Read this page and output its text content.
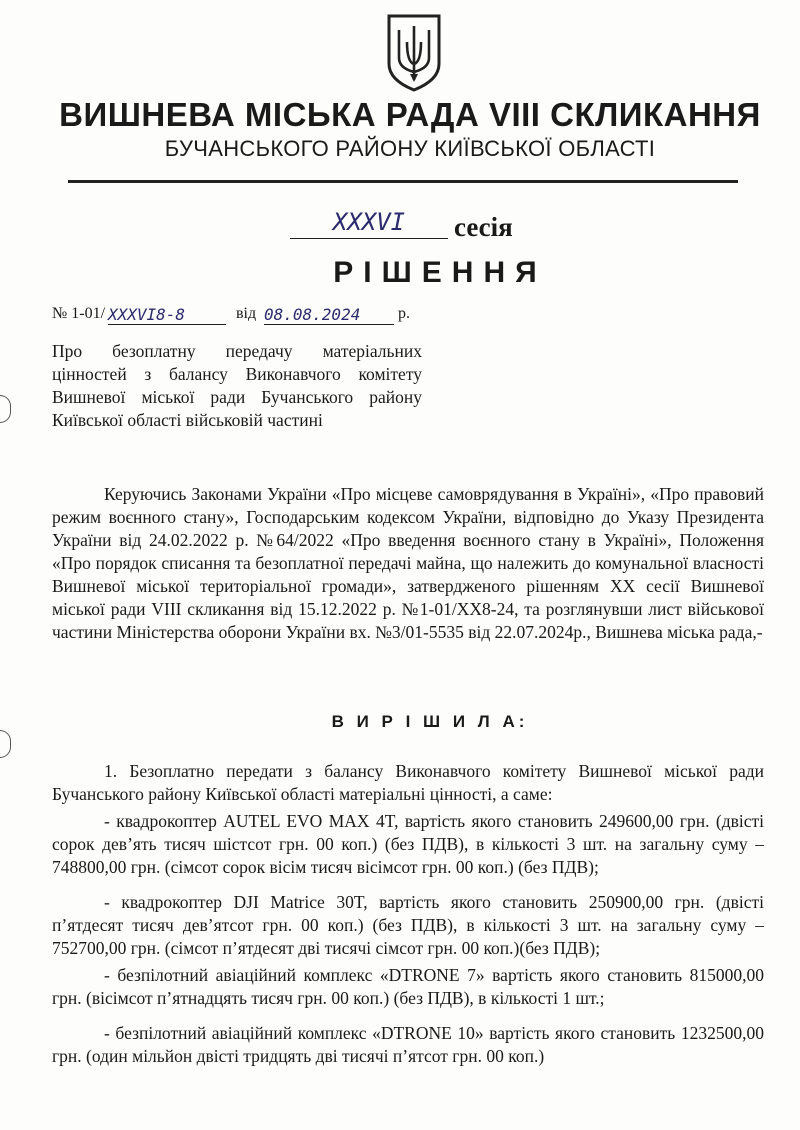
ВИШНЕВА МІСЬКА РАДА VIII СКЛИКАННЯ
БУЧАНСЬКОГО РАЙОНУ КИЇВСЬКОЇ ОБЛАСТІ
XXXVI	сесія
РІШЕННЯ
№ 1-01/ XXXVI8-8	від 08.08.2024	р.
Про безоплатну передачу матеріальних цінностей з балансу Виконавчого комітету Вишневої міської ради Бучанського району Київської області військовій частині
Керуючись Законами України «Про місцеве самоврядування в Україні», «Про правовий режим воєнного стану», Господарським кодексом України, відповідно до Указу Президента України від 24.02.2022 р. №64/2022 «Про введення воєнного стану в Україні», Положення «Про порядок списання та безоплатної передачі майна, що належить до комунальної власності Вишневої міської територіальної громади», затвердженого рішенням XX сесії Вишневої міської ради VIII скликання від 15.12.2022 р. №1-01/XX8-24, та розглянувши лист військової частини Міністерства оборони України вх. №3/01-5535 від 22.07.2024р., Вишнева міська рада,-
В И Р І Ш И Л А:
1. Безоплатно передати з балансу Виконавчого комітету Вишневої міської ради Бучанського району Київської області матеріальні цінності, а саме:
- квадрокоптер AUTEL EVO MAX 4T, вартість якого становить 249600,00 грн. (двісті сорок дев’ять тисяч шістсот грн. 00 коп.) (без ПДВ), в кількості 3 шт. на загальну суму – 748800,00 грн. (сімсот сорок вісім тисяч вісімсот грн. 00 коп.) (без ПДВ);
- квадрокоптер DJI Matrice 30T, вартість якого становить 250900,00 грн. (двісті п’ятдесят тисяч дев’ятсот грн. 00 коп.) (без ПДВ), в кількості 3 шт. на загальну суму – 752700,00 грн. (сімсот п’ятдесят дві тисячі сімсот грн. 00 коп.)(без ПДВ);
- безпілотний авіаційний комплекс «DTRONE 7» вартість якого становить 815000,00 грн. (вісімсот п’ятнадцять тисяч грн. 00 коп.) (без ПДВ), в кількості 1 шт.;
- безпілотний авіаційний комплекс «DTRONE 10» вартість якого становить 1232500,00 грн. (один мільйон двісті тридцять дві тисячі п’ятсот грн. 00 коп.)
